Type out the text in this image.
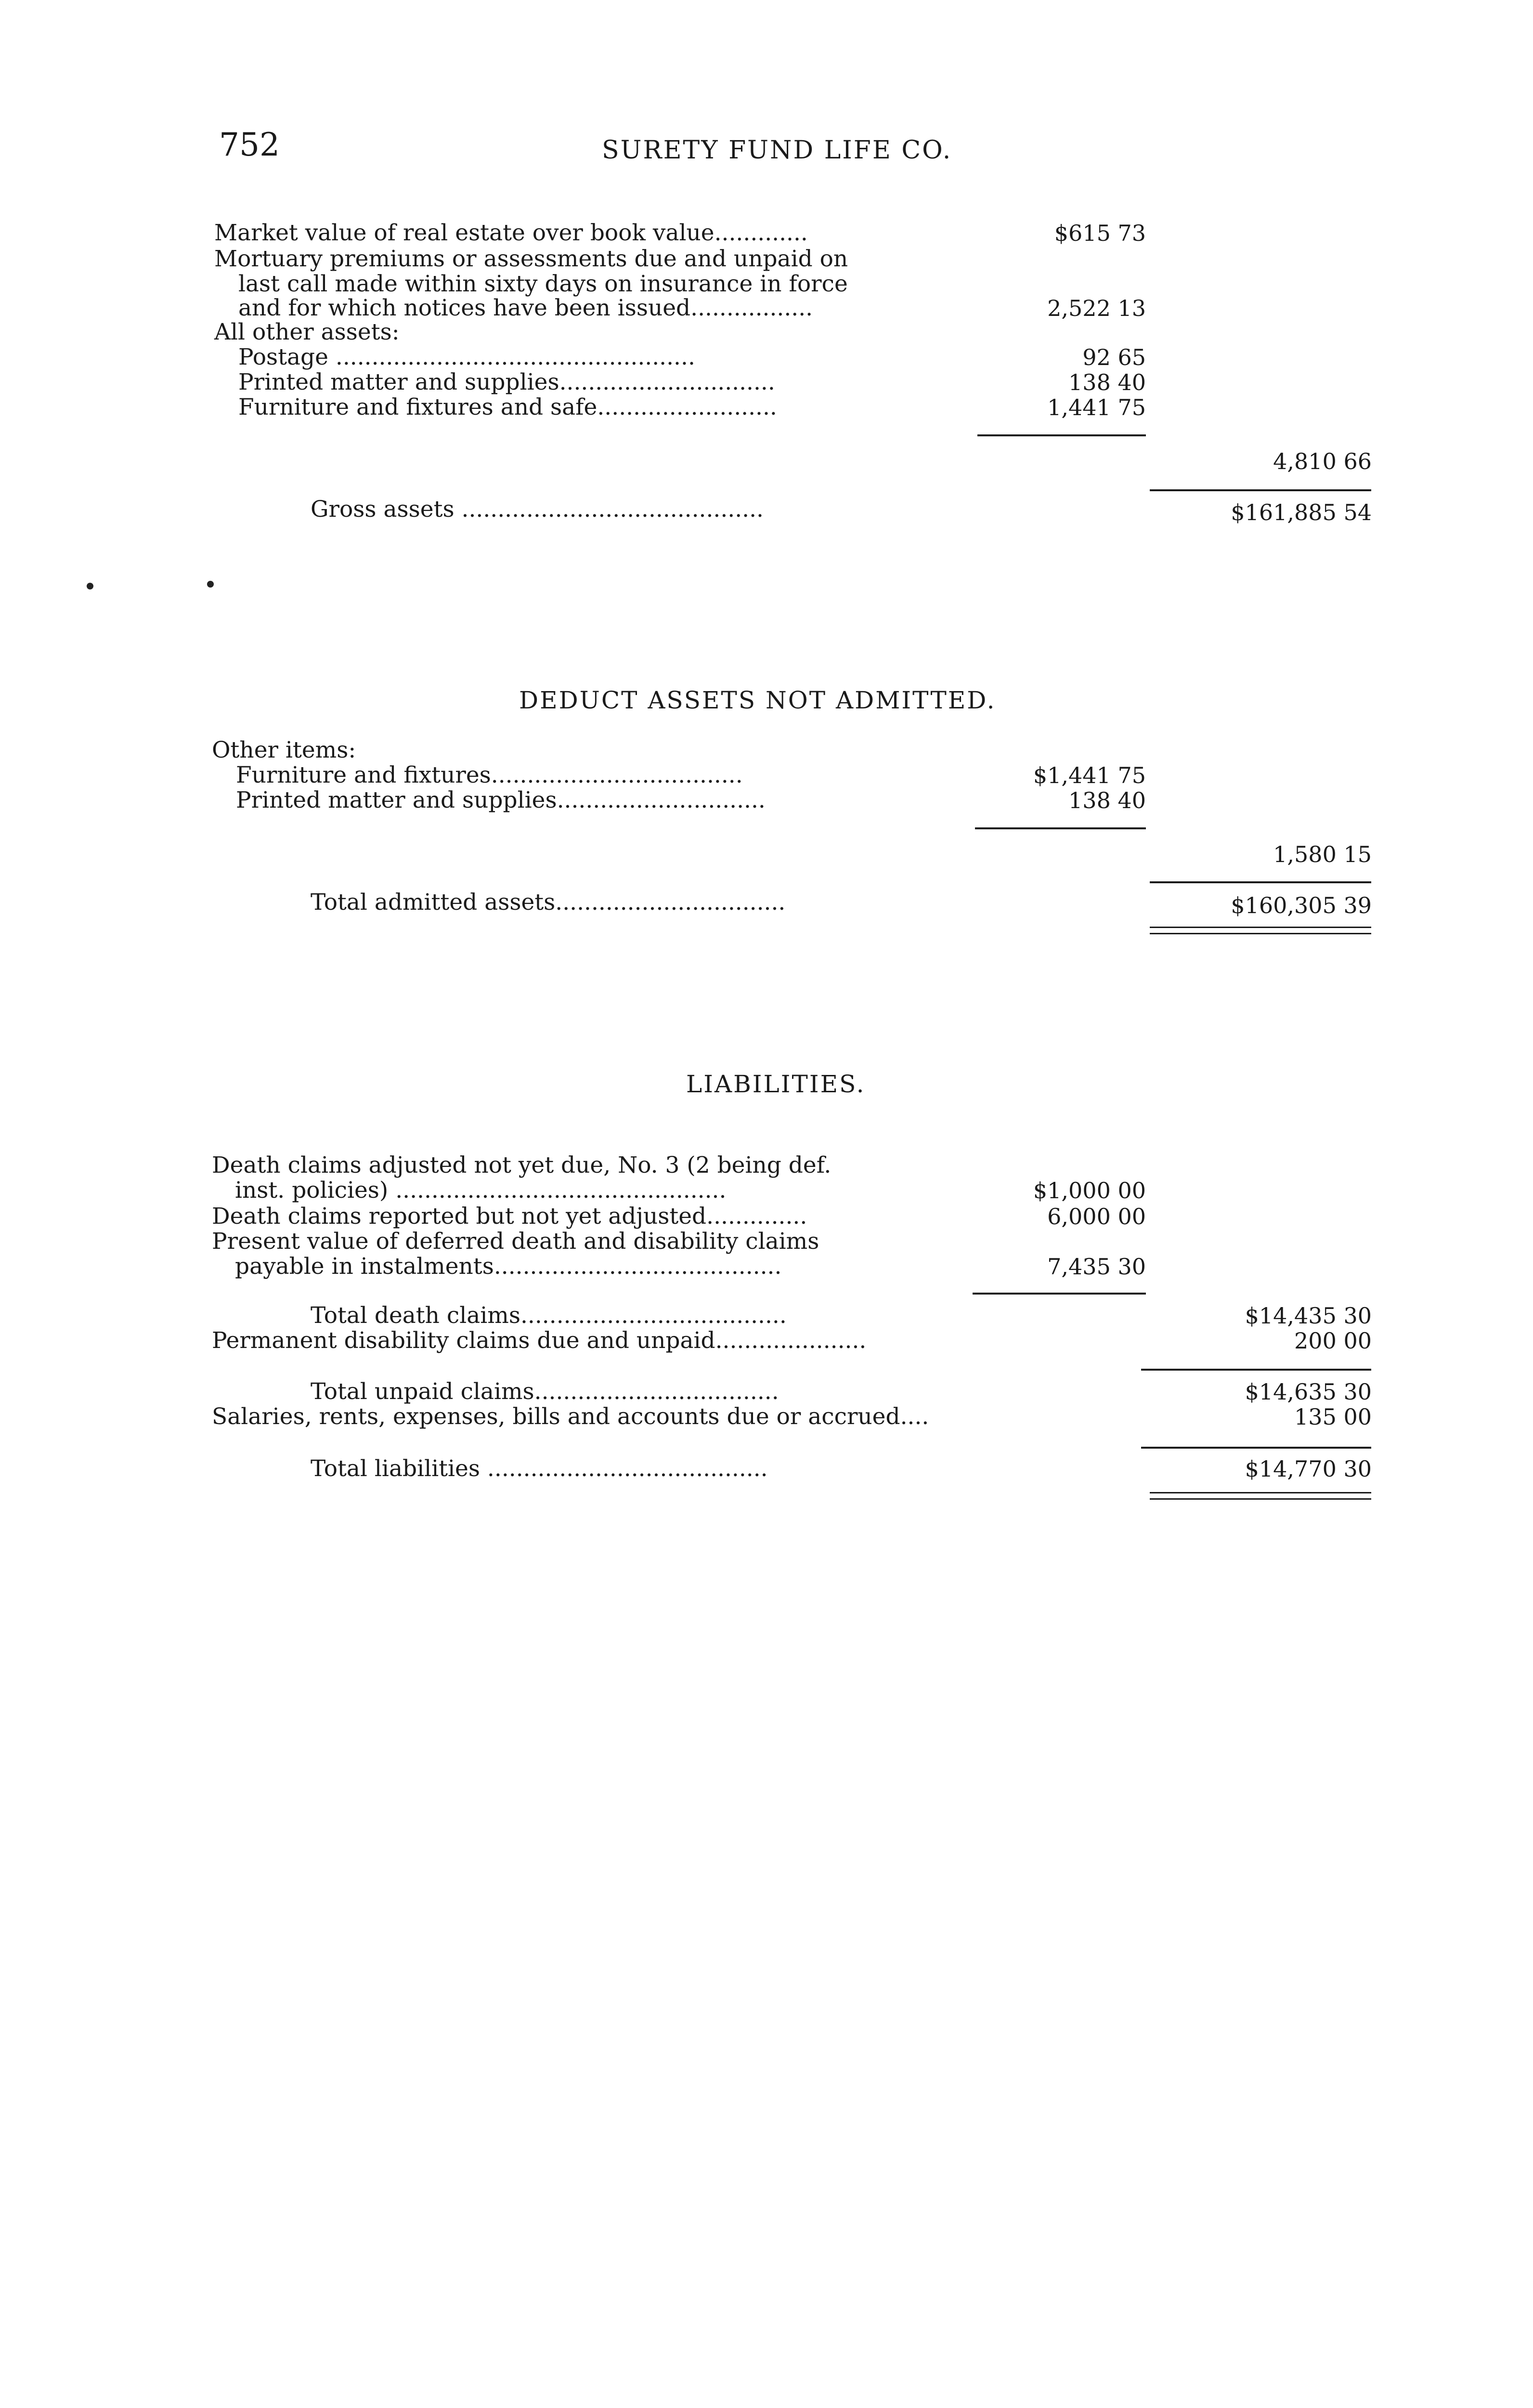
752	SURETY FUND LIFE CO.
Market value of real estate over book value.............	$615 73
Mortuary premiums or assessments due and unpaid on
last call made within sixty days on insurance in force
and for which notices have been issued.................	2,522 13
All other assets:
Postage ..................................................	92 65
Printed matter and supplies..............................	138 40
Furniture and fixtures and safe.........................	1,441 75
4,810 66
Gross assets ..........................................	$161,885 54
DEDUCT ASSETS NOT ADMITTED.
Other items:
Furniture and fixtures...................................	$1,441 75
Printed matter and supplies.............................	138 40
1,580 15
Total admitted assets................................	$160,305 39
LIABILITIES.
Death claims adjusted not yet due, No. 3 (2 being def.
inst. policies) ..............................................	$1,000 00
Death claims reported but not yet adjusted..............	6,000 00
Present value of deferred death and disability claims
payable in instalments........................................	7,435 30
Total death claims.....................................	$14,435 30
Permanent disability claims due and unpaid.....................	200 00
Total unpaid claims..................................	$14,635 30
Salaries, rents, expenses, bills and accounts due or accrued....	135 00
Total liabilities .......................................	$14,770 30
